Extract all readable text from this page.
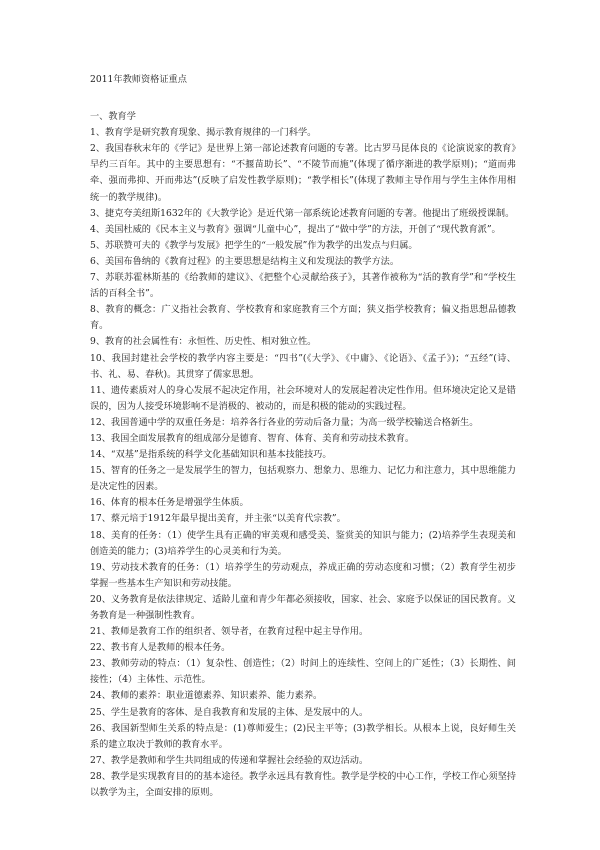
2011年教师资格证重点

一、教育学

1、教育学是研究教育现象、揭示教育规律的一门科学。

2、我国春秋末年的《学记》是世界上第一部论述教育问题的专著。比古罗马昆体良的《论演说家的教育》早约三百年。其中的主要思想有：“不揠苗助长”、“不陵节而施”(体现了循序渐进的教学原则)；“道而弗牵、强而弗抑、开而弗达”(反映了启发性教学原则)；“教学相长”(体现了教师主导作用与学生主体作用相统一的教学规律)。

3、捷克夸美纽斯1632年的《大教学论》是近代第一部系统论述教育问题的专著。他提出了班级授课制。

4、美国杜威的《民本主义与教育》强调“儿童中心”，提出了“做中学”的方法，开创了“现代教育派”。

5、苏联赞可夫的《教学与发展》把学生的“一般发展”作为教学的出发点与归属。

6、美国布鲁纳的《教育过程》的主要思想是结构主义和发现法的教学方法。

7、苏联苏霍林斯基的《给教师的建议》、《把整个心灵献给孩子》，其著作被称为“活的教育学”和“学校生活的百科全书”。

8、教育的概念：广义指社会教育、学校教育和家庭教育三个方面；狭义指学校教育；偏义指思想品德教育。

9、教育的社会属性有：永恒性、历史性、相对独立性。

10、我国封建社会学校的教学内容主要是：“四书”(《大学》、《中庸》、《论语》、《孟子》)；“五经”(诗、书、礼、易、春秋)。其贯穿了儒家思想。

11、遗传素质对人的身心发展不起决定作用，社会环境对人的发展起着决定性作用。但环境决定论又是错误的，因为人接受环境影响不是消极的、被动的，而是积极的能动的实践过程。

12、我国普通中学的双重任务是：培养各行各业的劳动后备力量；为高一级学校输送合格新生。

13、我国全面发展教育的组成部分是德育、智育、体育、美育和劳动技术教育。

14、“双基”是指系统的科学文化基础知识和基本技能技巧。

15、智育的任务之一是发展学生的智力，包括观察力、想象力、思维力、记忆力和注意力，其中思维能力是决定性的因素。

16、体育的根本任务是增强学生体质。

17、蔡元培于1912年最早提出美育，并主张“以美育代宗教”。

18、美育的任务：（1）使学生具有正确的审美观和感受美、鉴赏美的知识与能力；(2)培养学生表现美和创造美的能力；(3)培养学生的心灵美和行为美。

19、劳动技术教育的任务：（1）培养学生的劳动观点，养成正确的劳动态度和习惯；（2）教育学生初步掌握一些基本生产知识和劳动技能。

20、义务教育是依法律规定、适龄儿童和青少年都必须接收，国家、社会、家庭予以保证的国民教育。义务教育是一种强制性教育。

21、教师是教育工作的组织者、领导者，在教育过程中起主导作用。

22、教书育人是教师的根本任务。

23、教师劳动的特点：（1）复杂性、创造性；（2）时间上的连续性、空间上的广延性；（3）长期性、间接性；（4）主体性、示范性。

24、教师的素养：职业道德素养、知识素养、能力素养。

25、学生是教育的客体、是自我教育和发展的主体、是发展中的人。

26、我国新型师生关系的特点是：(1)尊师爱生；(2)民主平等；(3)教学相长。从根本上说，良好师生关系的建立取决于教师的教育水平。

27、教学是教师和学生共同组成的传递和掌握社会经验的双边活动。

28、教学是实现教育目的的基本途径。教学永远具有教育性。教学是学校的中心工作，学校工作心须坚持以教学为主，全面安排的原则。
